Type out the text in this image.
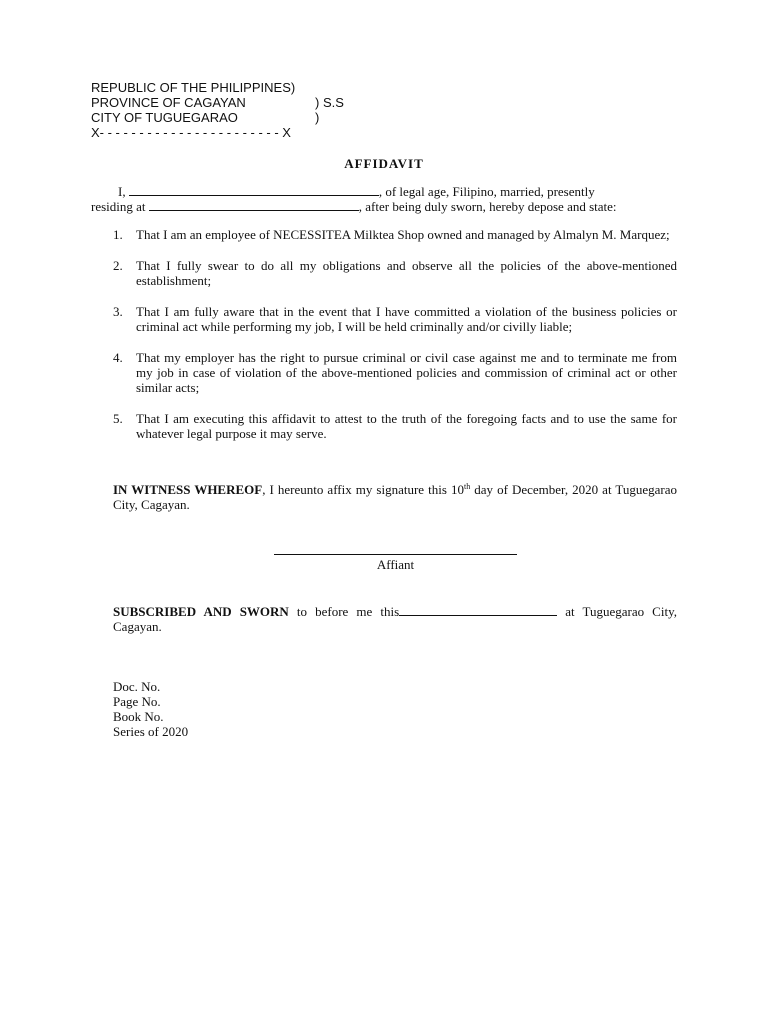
REPUBLIC OF THE PHILIPPINES)

PROVINCE OF CAGAYAN

	) S.S

CITY OF TUGUEGARAO

	)

X- - - - - - - - - - - - - - - - - - - - - - - X
AFFIDAVIT
I,	, of legal age, Filipino, married, presently
residing at	, after being duly sworn, hereby depose and state:
1. That I am an employee of NECESSITEA Milktea Shop owned and managed by Almalyn M. Marquez;
2. That I fully swear to do all my obligations and observe all the policies of the above-mentioned establishment;
3. That I am fully aware that in the event that I have committed a violation of the business policies or criminal act while performing my job, I will be held criminally and/or civilly liable;
4. That my employer has the right to pursue criminal or civil case against me and to terminate me from my job in case of violation of the above-mentioned policies and commission of criminal act or other similar acts;
5. That I am executing this affidavit to attest to the truth of the foregoing facts and to use the same for whatever legal purpose it may serve.
IN WITNESS WHEREOF, I hereunto affix my signature this 10th day of December, 2020 at Tuguegarao City, Cagayan.
Affiant
SUBSCRIBED AND SWORN to before me this	at Tuguegarao City, Cagayan.
Doc. No.
Page No.
Book No.
Series of 2020
